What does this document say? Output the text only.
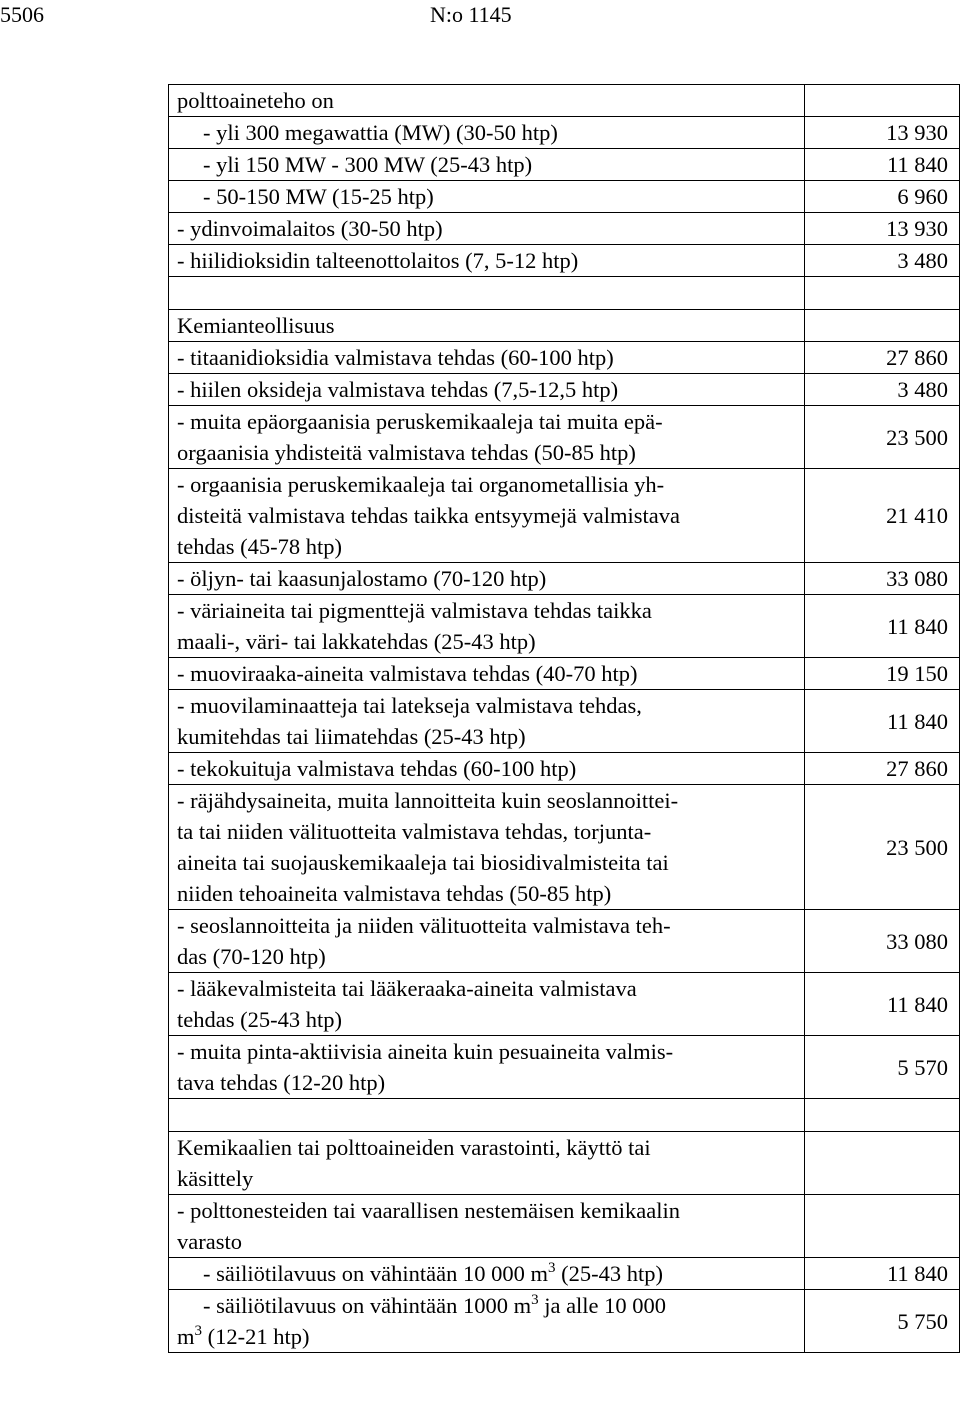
5506	N:o 1145
polttoaineteho on	
- yli 300 megawattia (MW) (30-50 htp)	13 930
- yli 150 MW - 300 MW (25-43 htp)	11 840
- 50-150 MW (15-25 htp)	6 960
- ydinvoimalaitos (30-50 htp)	13 930
- hiilidioksidin talteenottolaitos (7, 5-12 htp)	3 480

Kemianteollisuus	
- titaanidioksidia valmistava tehdas (60-100 htp)	27 860
- hiilen oksideja valmistava tehdas (7,5-12,5 htp)	3 480
- muita epäorgaanisia peruskemikaaleja tai muita epä-
orgaanisia yhdisteitä valmistava tehdas (50-85 htp)	23 500
- orgaanisia peruskemikaaleja tai organometallisia yh-
disteitä valmistava tehdas taikka entsyymejä valmistava
tehdas (45-78 htp)	21 410
- öljyn- tai kaasunjalostamo (70-120 htp)	33 080
- väriaineita tai pigmenttejä valmistava tehdas taikka
maali-, väri- tai lakkatehdas (25-43 htp)	11 840
- muoviraaka-aineita valmistava tehdas (40-70 htp)	19 150
- muovilaminaatteja tai latekseja valmistava tehdas,
kumitehdas tai liimatehdas (25-43 htp)	11 840
- tekokuituja valmistava tehdas (60-100 htp)	27 860
- räjähdysaineita, muita lannoitteita kuin seoslannoittei-
ta tai niiden välituotteita valmistava tehdas, torjunta-
aineita tai suojauskemikaaleja tai biosidivalmisteita tai
niiden tehoaineita valmistava tehdas (50-85 htp)	23 500
- seoslannoitteita ja niiden välituotteita valmistava teh-
das (70-120 htp)	33 080
- lääkevalmisteita tai lääkeraaka-aineita valmistava
tehdas (25-43 htp)	11 840
- muita pinta-aktiivisia aineita kuin pesuaineita valmis-
tava tehdas (12-20 htp)	5 570

Kemikaalien tai polttoaineiden varastointi, käyttö tai
käsittely	
- polttonesteiden tai vaarallisen nestemäisen kemikaalin
varasto	
- säiliötilavuus on vähintään 10 000 $m^3$ (25-43 htp)	11 840
- säiliötilavuus on vähintään 1000 $m^3$ ja alle 10 000
$m^3$ (12-21 htp)	5 750
